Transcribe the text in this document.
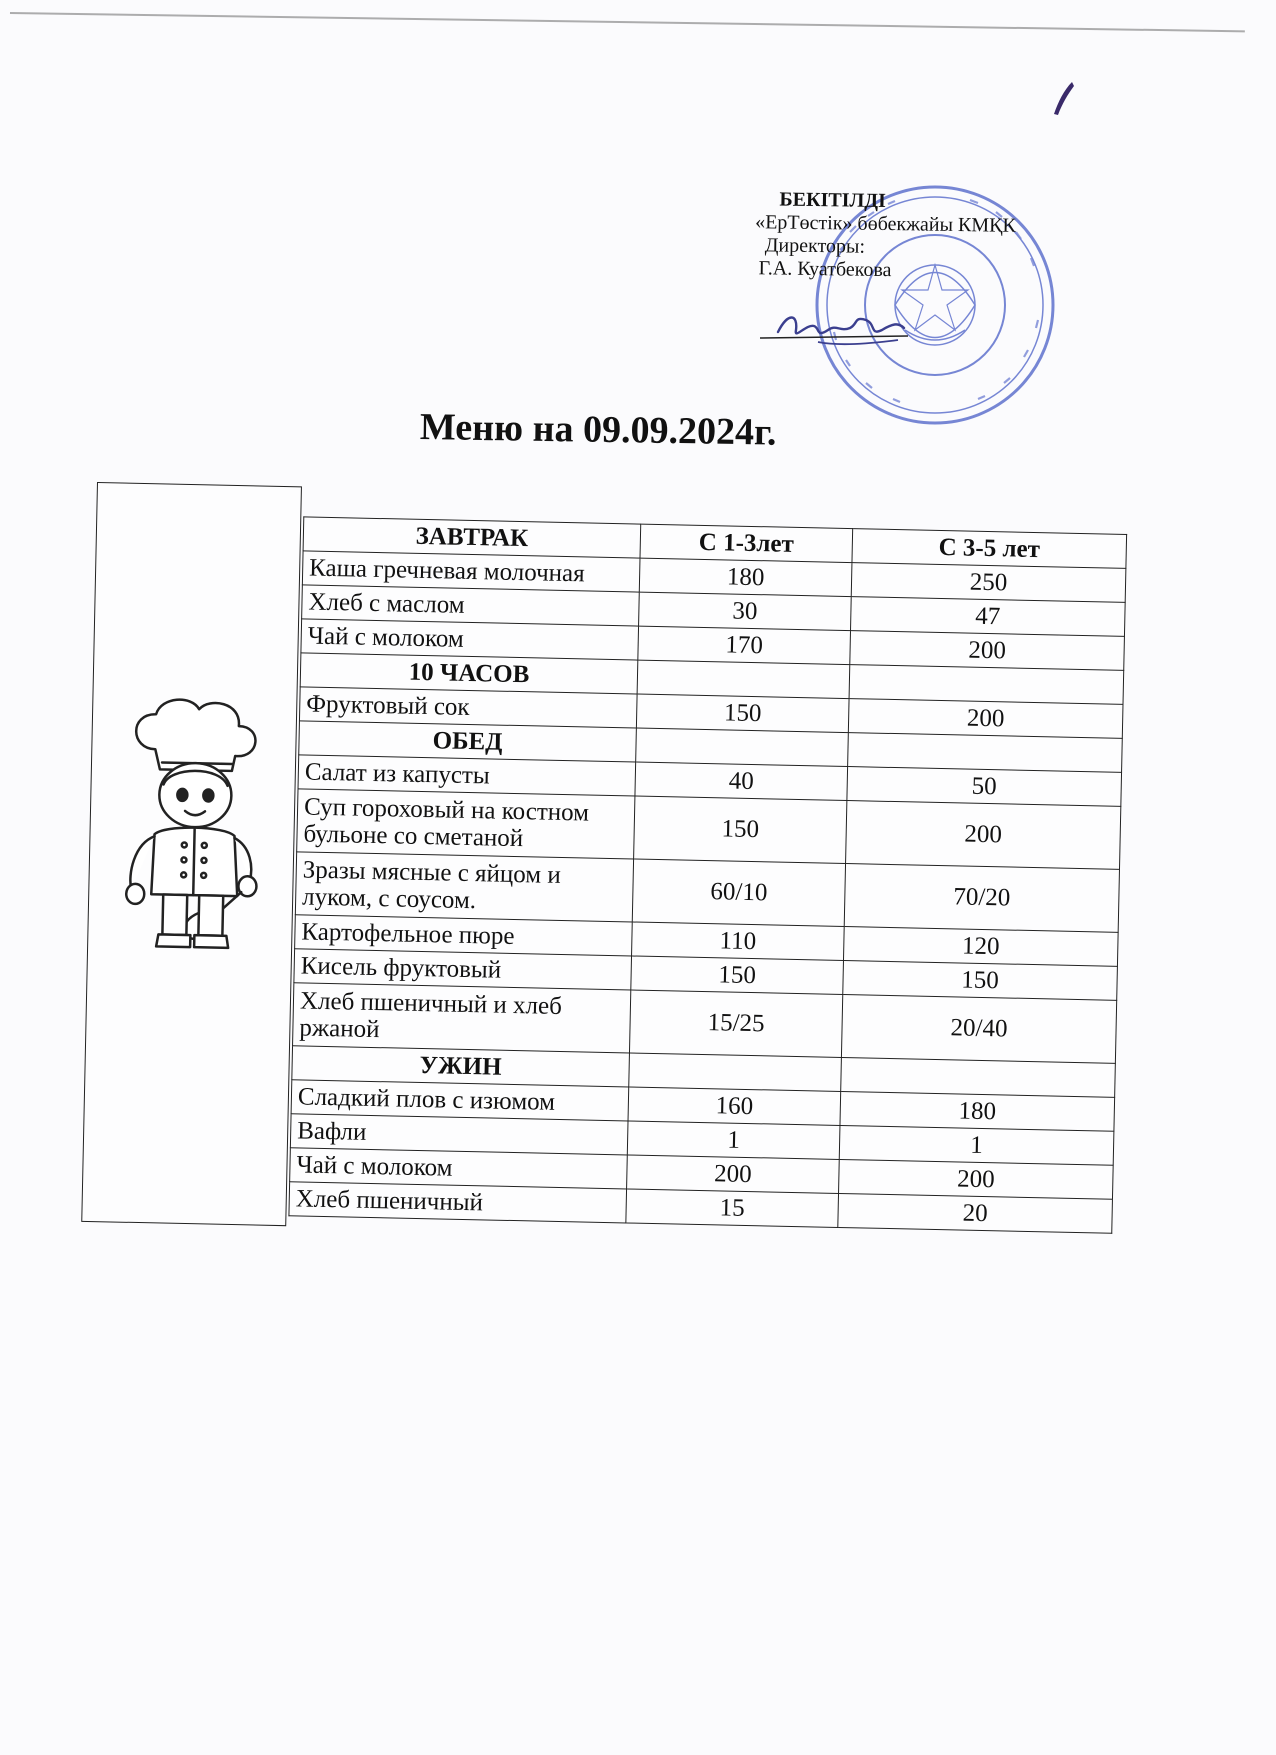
БЕКІТІЛДІ
«ЕрТөстік» бөбекжайы КМҚК
Директоры:
Г.А. Куатбекова
Меню на 09.09.2024г.
ЗАВТРАК	С 1-3лет	С 3-5 лет
Каша гречневая молочная	180	250
Хлеб с маслом	30	47
Чай с молоком	170	200
10 ЧАСОВ		
Фруктовый сок	150	200
ОБЕД		
Салат из капусты	40	50
Суп гороховый на костном бульоне со сметаной	150	200
Зразы мясные с яйцом и луком, с соусом.	60/10	70/20
Картофельное пюре	110	120
Кисель фруктовый	150	150
Хлеб пшеничный и хлеб ржаной	15/25	20/40
УЖИН		
Сладкий плов с изюмом	160	180
Вафли	1	1
Чай с молоком	200	200
Хлеб пшеничный	15	20
